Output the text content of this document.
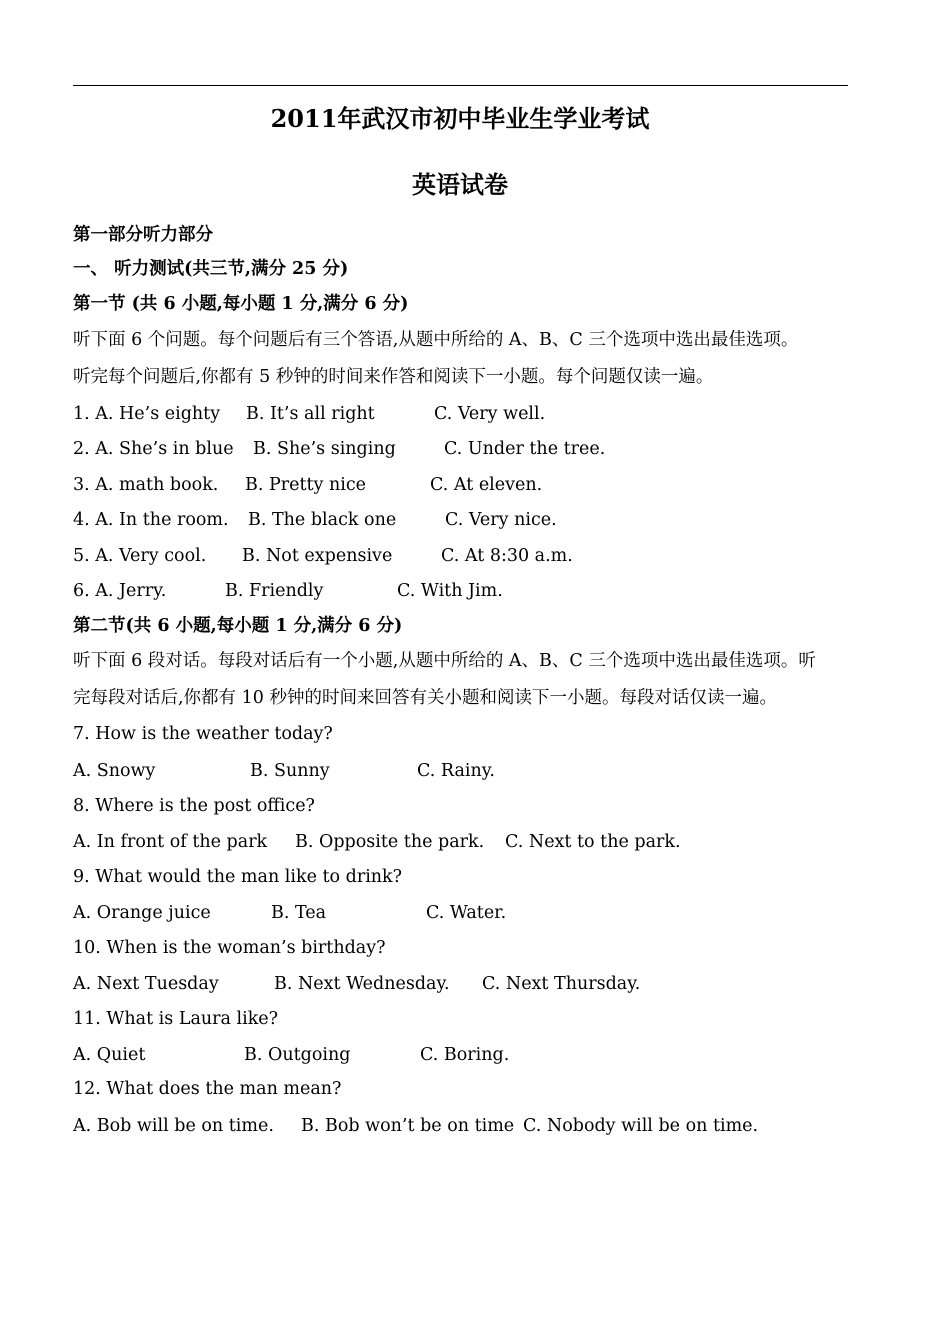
2011年武汉市初中毕业生学业考试
英语试卷

第一部分听力部分

一、 听力测试(共三节,满分 25 分)

第一节 (共 6 小题,每小题 1 分,满分 6 分)

听下面 6 个问题。每个问题后有三个答语,从题中所给的 A、B、C 三个选项中选出最佳选项。

听完每个问题后,你都有 5 秒钟的时间来作答和阅读下一小题。每个问题仅读一遍。

1. A. He’s eighty B. It’s all right	C. Very well.
2. A. She’s in blue B. She’s singing	C. Under the tree.
3. A. math book. B. Pretty nice	C. At eleven.
4. A. In the room. B. The black one	C. Very nice.
5. A. Very cool. B. Not expensive	C. At 8:30 a.m.
6. A. Jerry.	B. Friendly	C. With Jim.

第二节(共 6 小题,每小题 1 分,满分 6 分)

听下面 6 段对话。每段对话后有一个小题,从题中所给的 A、B、C 三个选项中选出最佳选项。听

完每段对话后,你都有 10 秒钟的时间来回答有关小题和阅读下一小题。每段对话仅读一遍。

7. How is the weather today?

A. Snowy	B. Sunny	C. Rainy.

8. Where is the post office?

A. In front of the park B. Opposite the park. C. Next to the park.

9. What would the man like to drink?

A. Orange juice	B. Tea	C. Water.

10. When is the woman’s birthday?

A. Next Tuesday	B. Next Wednesday. C. Next Thursday.

11. What is Laura like?

A. Quiet	B. Outgoing	C. Boring.

12. What does the man mean?

A. Bob will be on time. B. Bob won’t be on time C. Nobody will be on time.
